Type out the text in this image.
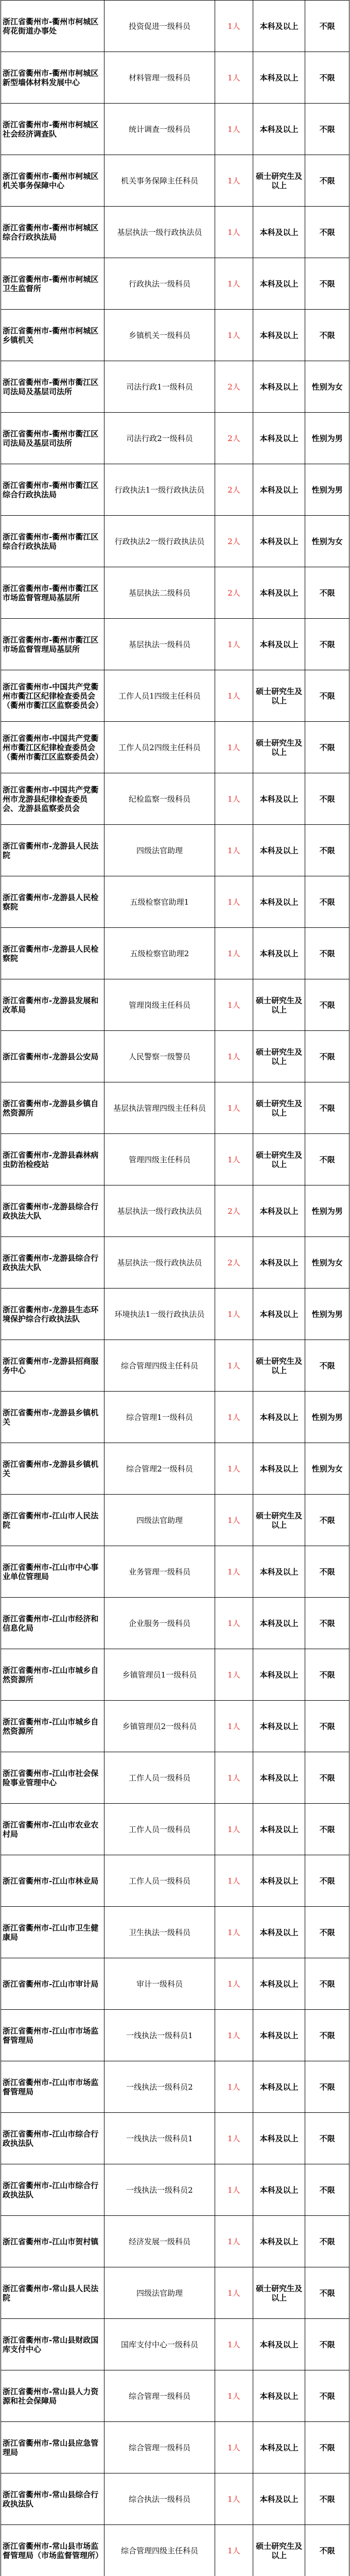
浙江省衢州市-衢州市柯城区荷花街道办事处	投资促进一级科员	1人	本科及以上	不限
浙江省衢州市-衢州市柯城区新型墙体材料发展中心	材料管理一级科员	1人	本科及以上	不限
浙江省衢州市-衢州市柯城区社会经济调查队	统计调查一级科员	1人	本科及以上	不限
浙江省衢州市-衢州市柯城区机关事务保障中心	机关事务保障主任科员	1人	硕士研究生及以上	不限
浙江省衢州市-衢州市柯城区综合行政执法局	基层执法一级行政执法员	1人	本科及以上	不限
浙江省衢州市-衢州市柯城区卫生监督所	行政执法一级科员	1人	本科及以上	不限
浙江省衢州市-衢州市柯城区乡镇机关	乡镇机关一级科员	1人	本科及以上	不限
浙江省衢州市-衢州市衢江区司法局及基层司法所	司法行政1一级科员	2人	本科及以上	性别为女
浙江省衢州市-衢州市衢江区司法局及基层司法所	司法行政2一级科员	2人	本科及以上	性别为男
浙江省衢州市-衢州市衢江区综合行政执法局	行政执法1一级行政执法员	2人	本科及以上	性别为男
浙江省衢州市-衢州市衢江区综合行政执法局	行政执法2一级行政执法员	2人	本科及以上	性别为女
浙江省衢州市-衢州市衢江区市场监督管理局基层所	基层执法二级科员	2人	本科及以上	不限
浙江省衢州市-衢州市衢江区市场监督管理局基层所	基层执法一级科员	1人	本科及以上	不限
浙江省衢州市-中国共产党衢州市衢江区纪律检查委员会（衢州市衢江区监察委员会）	工作人员1四级主任科员	1人	硕士研究生及以上	不限
浙江省衢州市-中国共产党衢州市衢江区纪律检查委员会（衢州市衢江区监察委员会）	工作人员2四级主任科员	1人	硕士研究生及以上	不限
浙江省衢州市-中国共产党衢州市龙游县纪律检查委员会、龙游县监察委员会	纪检监察一级科员	1人	本科及以上	不限
浙江省衢州市-龙游县人民法院	四级法官助理	1人	本科及以上	不限
浙江省衢州市-龙游县人民检察院	五级检察官助理1	1人	本科及以上	不限
浙江省衢州市-龙游县人民检察院	五级检察官助理2	1人	本科及以上	不限
浙江省衢州市-龙游县发展和改革局	管理岗级主任科员	1人	硕士研究生及以上	不限
浙江省衢州市-龙游县公安局	人民警察一级警员	1人	硕士研究生及以上	不限
浙江省衢州市-龙游县乡镇自然资源所	基层执法管理四级主任科员	1人	硕士研究生及以上	不限
浙江省衢州市-龙游县森林病虫防治检疫站	管理四级主任科员	1人	硕士研究生及以上	不限
浙江省衢州市-龙游县综合行政执法大队	基层执法一级行政执法员	2人	本科及以上	性别为男
浙江省衢州市-龙游县综合行政执法大队	基层执法一级行政执法员	2人	本科及以上	性别为女
浙江省衢州市-龙游县生态环境保护综合行政执法队	环境执法1一级行政执法员	1人	本科及以上	性别为男
浙江省衢州市-龙游县招商服务中心	综合管理四级主任科员	1人	硕士研究生及以上	不限
浙江省衢州市-龙游县乡镇机关	综合管理1一级科员	1人	本科及以上	性别为男
浙江省衢州市-龙游县乡镇机关	综合管理2一级科员	1人	本科及以上	性别为女
浙江省衢州市-江山市人民法院	四级法官助理	1人	硕士研究生及以上	不限
浙江省衢州市-江山市中心事业单位管理局	业务管理一级科员	1人	本科及以上	不限
浙江省衢州市-江山市经济和信息化局	企业服务一级科员	1人	本科及以上	不限
浙江省衢州市-江山市城乡自然资源所	乡镇管理员1一级科员	1人	本科及以上	不限
浙江省衢州市-江山市城乡自然资源所	乡镇管理员2一级科员	1人	本科及以上	不限
浙江省衢州市-江山市社会保险事业管理中心	工作人员一级科员	1人	本科及以上	不限
浙江省衢州市-江山市农业农村局	工作人员一级科员	1人	本科及以上	不限
浙江省衢州市-江山市林业局	工作人员一级科员	1人	本科及以上	不限
浙江省衢州市-江山市卫生健康局	卫生执法一级科员	1人	本科及以上	不限
浙江省衢州市-江山市审计局	审计一级科员	1人	本科及以上	不限
浙江省衢州市-江山市市场监督管理局	一线执法一级科员1	1人	本科及以上	不限
浙江省衢州市-江山市市场监督管理局	一线执法一级科员2	1人	本科及以上	不限
浙江省衢州市-江山市综合行政执法队	一线执法一级科员1	1人	本科及以上	不限
浙江省衢州市-江山市综合行政执法队	一线执法一级科员2	1人	本科及以上	不限
浙江省衢州市-江山市贺村镇	经济发展一级科员	1人	本科及以上	不限
浙江省衢州市-常山县人民法院	四级法官助理	1人	硕士研究生及以上	不限
浙江省衢州市-常山县财政国库支付中心	国库支付中心一级科员	1人	本科及以上	不限
浙江省衢州市-常山县人力资源和社会保障局	综合管理一级科员	1人	本科及以上	不限
浙江省衢州市-常山县应急管理局	综合管理一级科员	1人	本科及以上	不限
浙江省衢州市-常山县综合行政执法队	综合执法一级科员	1人	本科及以上	不限
浙江省衢州市-常山县市场监督管理局（市场监督管理所）	综合管理四级主任科员	1人	硕士研究生及以上	不限
